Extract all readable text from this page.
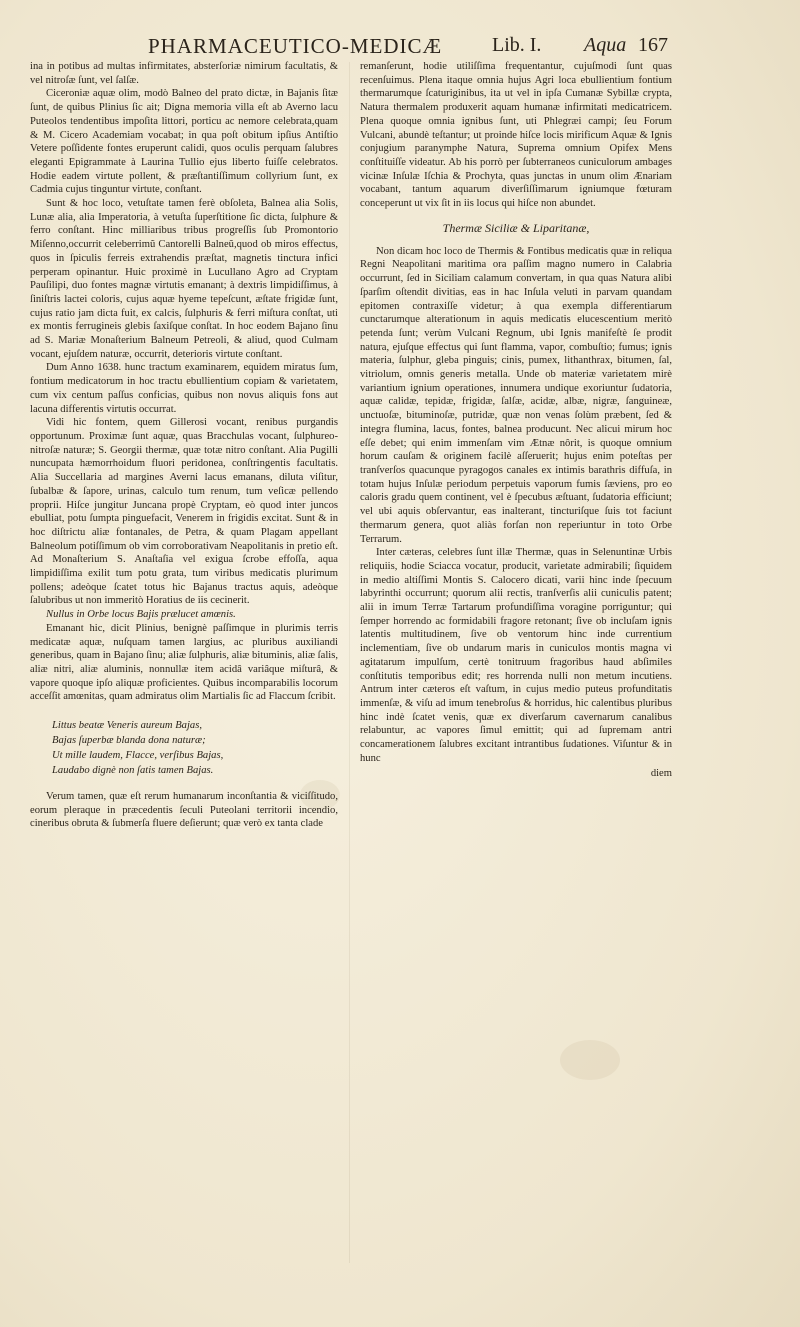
PHARMACEUTICO-MEDICÆ Lib. I. Aqua 167

ina in potibus ad multas infirmitates, absterſoriæ nimirum facultatis, & vel nitroſæ ſunt, vel ſalſæ.

Ciceroniæ aquæ olim, modò Balneo del prato dictæ, in Bajanis ſitæ ſunt, de quibus Plinius ſic ait; Digna memoria villa eſt ab Averno lacu Puteolos tendentibus impoſita littori, porticu ac nemore celebrata,quam & M. Cicero Academiam vocabat; in qua poſt obitum ipſius Antiſtio Vetere poſſidente fontes eruperunt calidi, quos oculis perquam ſalubres eleganti Epigrammate à Laurina Tullio ejus liberto fuiſſe celebratos. Hodie eadem virtute pollent, & præſtantiſſimum collyrium ſunt, ex Cadmia cujus tinguntur virtute, conſtant.

Sunt & hoc loco, vetuſtate tamen ferè obſoleta, Balnea alia Solis, Lunæ alia, alia Imperatoria, à vetuſta ſuperſtitione ſic dicta, ſulphure & ferro conſtant. Hinc milliaribus tribus progreſſis ſub Promontorio Miſenno,occurrit celeberrimũ Cantorelli Balneũ,quod ob miros effectus, quos in ſpiculis ferreis extrahendis præſtat, magnetis tinctura infici perperam opinantur. Huic proximè in Lucullano Agro ad Cryptam Pauſilipi, duo fontes magnæ virtutis emanant; à dextris limpidiſſimus, à ſiniſtris lactei coloris, cujus aquæ hyeme tepeſcunt, æſtate frigidæ ſunt, cujus ratio jam dicta fuit, ex calcis, ſulphuris & ferri miſtura conſtat, uti ex montis ferrugineis glebis ſaxiſque conſtat. In hoc eodem Bajano ſinu ad S. Mariæ Monaſterium Balneum Petreoli, & aliud, quod Culmam vocant, ejuſdem naturæ, occurrit, deterioris virtute conſtant.

Dum Anno 1638. hunc tractum examinarem, equidem miratus ſum, fontium medicatorum in hoc tractu ebullientium copiam & varietatem, cum vix centum paſſus conficias, quibus non novus aliquis fons aut lacuna differentis virtutis occurrat.

Vidi hic fontem, quem Gillerosi vocant, renibus purgandis opportunum. Proximæ ſunt aquæ, quas Bracchulas vocant, ſulphureo-nitroſæ naturæ; S. Georgii thermæ, quæ totæ nitro conſtant. Alia Pugilli nuncupata hæmorrhoidum fluori peridonea, conſtringentis facultatis. Alia Succellaria ad margines Averni lacus emanans, diluta viſitur, ſubalbæ & ſapore, urinas, calculo tum renum, tum veſicæ pellendo proprii. Hiſce jungitur Juncana propè Cryptam, eò quod inter juncos ebulliat, potu ſumpta pinguefacit, Venerem in frigidis excitat. Sunt & in hoc diſtrictu aliæ fontanales, de Petra, & quam Plagam appellant Balneolum potiſſimum ob vim corroborativam Neapolitanis in pretio eſt. Ad Monaſterium S. Anaſtaſia vel exigua ſcrobe effoſſa, aqua limpidiſſima exilit tum potu grata, tum viribus medicatis plurimum pollens; adeòque ſcatet totus hic Bajanus tractus aquis, adeòque ſalubribus ut non immeritò Horatius de iis cecinerit.

Nullus in Orbe locus Bajis prælucet amœnis.

Emanant hic, dicit Plinius, benignè paſſimque in plurimis terris medicatæ aquæ, nuſquam tamen largius, ac pluribus auxiliandi generibus, quam in Bajano ſinu; aliæ ſulphuris, aliæ bituminis, aliæ ſalis, aliæ nitri, aliæ aluminis, nonnullæ item acidâ variâque miſturâ, & vapore quoque ipſo aliquæ proficientes. Quibus incomparabilis locorum acceſſit amœnitas, quam admiratus olim Martialis ſic ad Flaccum ſcribit.

Littus beatæ Veneris aureum Bajas,
Bajas ſuperbæ blanda dona naturæ;
Ut mille laudem, Flacce, verſibus Bajas,
Laudabo dignè non ſatis tamen Bajas.

Verum tamen, quæ eſt rerum humanarum inconſtantia & viciſſitudo, eorum pleraque in præcedentis ſeculi Puteolani territorii incendio, cineribus obruta & ſubmerſa fluere deſierunt; quæ verò ex tanta clade

remanſerunt, hodie utiliſſima frequentantur, cujuſmodi ſunt quas recenſuimus. Plena itaque omnia hujus Agri loca ebullientium fontium thermarumque ſcaturiginibus, ita ut vel in ipſa Cumanæ Sybillæ crypta, Natura thermalem produxerit aquam humanæ infirmitati medicatricem. Plena quoque omnia ignibus ſunt, uti Phlegræi campi; ſeu Forum Vulcani, abundè teſtantur; ut proinde hiſce locis mirificum Aquæ & Ignis conjugium paranymphe Natura, Suprema omnium Opifex Mens conſtituiſſe videatur. Ab his porrò per ſubterraneos cuniculorum ambages vicinæ Inſulæ Iſchia & Prochyta, quas junctas in unum olim Ænariam vocabant, tantum aquarum diverſiſſimarum igniumque fœturam conceperunt ut vix ſit in iis locus qui hiſce non abundet.

Thermæ Siciliæ & Liparitanæ,

Non dicam hoc loco de Thermis & Fontibus medicatis quæ in reliqua Regni Neapolitani maritima ora paſſim magno numero in Calabria occurrunt, ſed in Siciliam calamum convertam, in qua quas Natura alibi ſparſim oſtendit divitias, eas in hac Inſula veluti in parvam quandam epitomen contraxiſſe videtur; à qua exempla differentiarum cunctarumque alterationum in aquis medicatis elucescentium meritò petenda ſunt; verùm Vulcani Regnum, ubi Ignis manifeſtè ſe prodit natura, ejuſque effectus qui ſunt flamma, vapor, combuſtio; fumus; ignis materia, ſulphur, gleba pinguis; cinis, pumex, lithanthrax, bitumen, ſal, vitriolum, omnis generis metalla. Unde ob materiæ varietatem mirè variantium ignium operationes, innumera undique exoriuntur ſudatoria, aquæ calidæ, tepidæ, frigidæ, ſalſæ, acidæ, albæ, nigræ, ſanguineæ, unctuoſæ, bituminoſæ, putridæ, quæ non venas ſolùm præbent, ſed & integra flumina, lacus, fontes, balnea producunt. Nec alicui mirum hoc eſſe debet; qui enim immenſam vim Ætnæ nôrit, is quoque omnium horum cauſam & originem facilè aſſeruerit; hujus enim poteſtas per tranſverſos quacunque pyragogos canales ex intimis barathris diffuſa, in totam hujus Inſulæ periodum perpetuis vaporum fumis ſæviens, pro eo caloris gradu quem continent, vel è ſpecubus æſtuant, ſudatoria efficiunt; vel ubi aquis obſervantur, eas inalterant, tincturiſque ſuis tot faciunt thermarum genera, quot aliàs forſan non reperiuntur in toto Orbe Terrarum.

Inter cæteras, celebres ſunt illæ Thermæ, quas in Selenuntinæ Urbis reliquiis, hodie Sciacca vocatur, producit, varietate admirabili; ſiquidem in medio altiſſimi Montis S. Calocero dicati, varii hinc inde ſpecuum labyrinthi occurrunt; quorum alii rectis, tranſverſis alii cuniculis patent; alii in imum Terræ Tartarum profundiſſima voragine porriguntur; qui ſemper horrendo ac formidabili fragore retonant; ſive ob incluſam ignis latentis multitudinem, ſive ob ventorum hinc inde currentium inclementiam, ſive ob undarum maris in cuniculos montis magna vi agitatarum impulſum, certè tonitruum fragoribus haud abſimiles conſtitutis temporibus edit; res horrenda nulli non metum incutiens. Antrum inter cæteros eſt vaſtum, in cujus medio puteus profunditatis immenſæ, & viſu ad imum tenebroſus & horridus, hic calentibus pluribus hinc indè ſcatet venis, quæ ex diverſarum cavernarum canalibus relabuntur, ac vapores ſimul emittit; qui ad ſupremam antri concamerationem ſalubres excitant intrantibus ſudationes. Viſuntur & in hunc

diem
